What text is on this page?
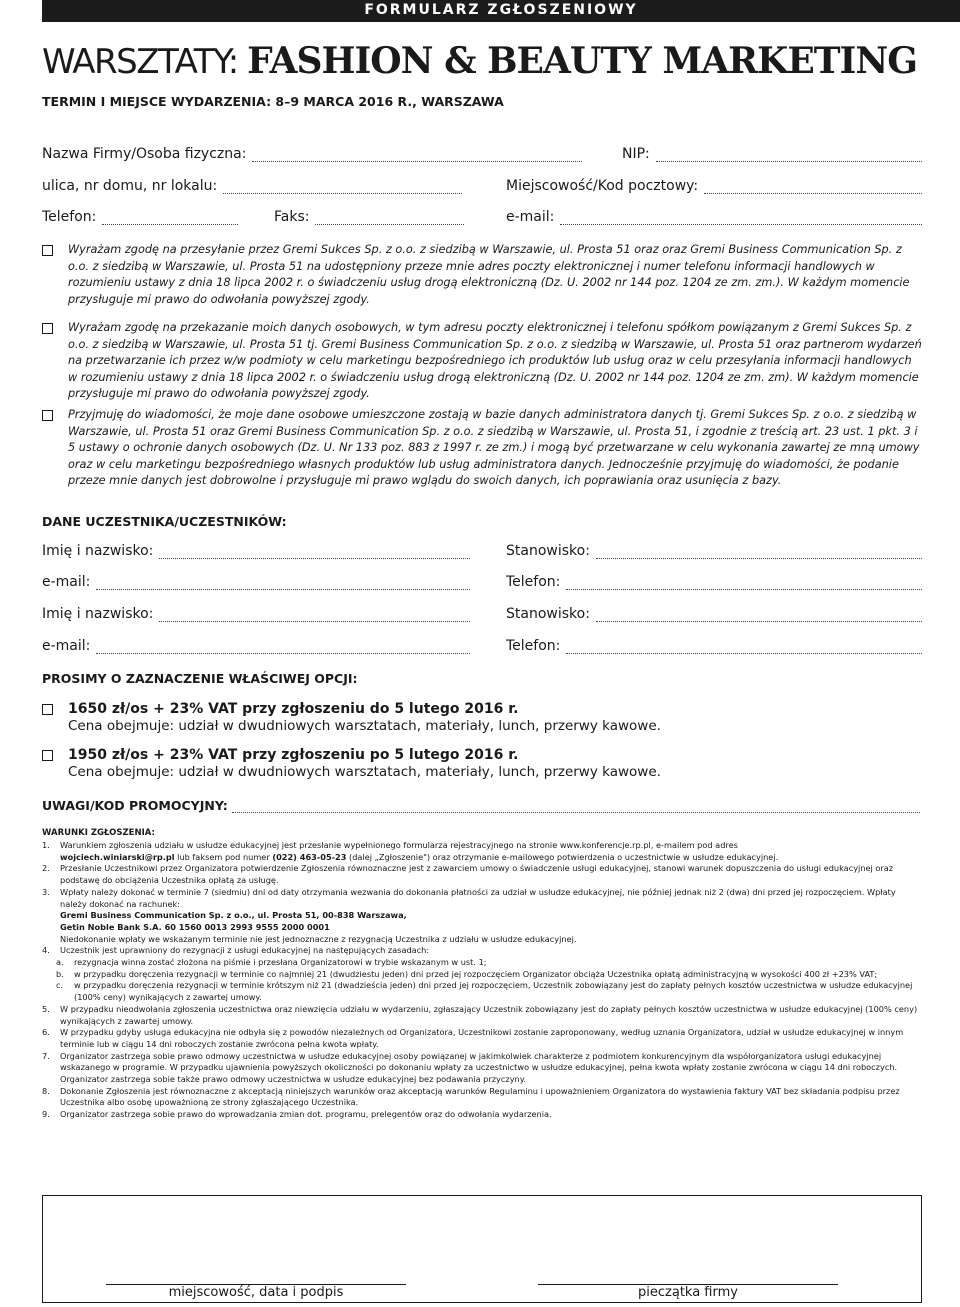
FORMULARZ ZGŁOSZENIOWY
WARSZTATY: FASHION & BEAUTY MARKETING
TERMIN I MIEJSCE WYDARZENIA: 8–9 MARCA 2016 R., WARSZAWA
Nazwa Firmy/Osoba fizyczna:	NIP:
ulica, nr domu, nr lokalu:	Miejscowość/Kod pocztowy:
Telefon:	Faks:	e-mail:
Wyrażam zgodę na przesyłanie przez Gremi Sukces Sp. z o.o. z siedzibą w Warszawie, ul. Prosta 51 oraz oraz Gremi Business Communication Sp. z o.o. z siedzibą w Warszawie, ul. Prosta 51 na udostępniony przeze mnie adres poczty elektronicznej i numer telefonu informacji handlowych w rozumieniu ustawy z dnia 18 lipca 2002 r. o świadczeniu usług drogą elektroniczną (Dz. U. 2002 nr 144 poz. 1204 ze zm. zm.). W każdym momencie przysługuje mi prawo do odwołania powyższej zgody.
Wyrażam zgodę na przekazanie moich danych osobowych, w tym adresu poczty elektronicznej i telefonu spółkom powiązanym z Gremi Sukces Sp. z o.o. z siedzibą w Warszawie, ul. Prosta 51 tj. Gremi Business Communication Sp. z o.o. z siedzibą w Warszawie, ul. Prosta 51 oraz partnerom wydarzeń na przetwarzanie ich przez w/w podmioty w celu marketingu bezpośredniego ich produktów lub usług oraz w celu przesyłania informacji handlowych w rozumieniu ustawy z dnia 18 lipca 2002 r. o świadczeniu usług drogą elektroniczną (Dz. U. 2002 nr 144 poz. 1204 ze zm. zm). W każdym momencie przysługuje mi prawo do odwołania powyższej zgody.
Przyjmuję do wiadomości, że moje dane osobowe umieszczone zostają w bazie danych administratora danych tj. Gremi Sukces Sp. z o.o. z siedzibą w Warszawie, ul. Prosta 51 oraz Gremi Business Communication Sp. z o.o. z siedzibą w Warszawie, ul. Prosta 51, i zgodnie z treścią art. 23 ust. 1 pkt. 3 i 5 ustawy o ochronie danych osobowych (Dz. U. Nr 133 poz. 883 z 1997 r. ze zm.) i mogą być przetwarzane w celu wykonania zawartej ze mną umowy oraz w celu marketingu bezpośredniego własnych produktów lub usług administratora danych. Jednocześnie przyjmuję do wiadomości, że podanie przeze mnie danych jest dobrowolne i przysługuje mi prawo wglądu do swoich danych, ich poprawiania oraz usunięcia z bazy.
DANE UCZESTNIKA/UCZESTNIKÓW:
Imię i nazwisko:	Stanowisko:
e-mail:	Telefon:
Imię i nazwisko:	Stanowisko:
e-mail:	Telefon:
PROSIMY O ZAZNACZENIE WŁAŚCIWEJ OPCJI:
1650 zł/os + 23% VAT przy zgłoszeniu do 5 lutego 2016 r.
Cena obejmuje: udział w dwudniowych warsztatach, materiały, lunch, przerwy kawowe.
1950 zł/os + 23% VAT przy zgłoszeniu po 5 lutego 2016 r.
Cena obejmuje: udział w dwudniowych warsztatach, materiały, lunch, przerwy kawowe.
UWAGI/KOD PROMOCYJNY:
WARUNKI ZGŁOSZENIA:
1.	Warunkiem zgłoszenia udziału w usłudze edukacyjnej jest przesłanie wypełnionego formularza rejestracyjnego na stronie www.konferencje.rp.pl, e-mailem pod adres
wojciech.winiarski@rp.pl lub faksem pod numer (022) 463-05-23 (dalej „Zgłoszenie") oraz otrzymanie e-mailowego potwierdzenia o uczestnictwie w usłudze edukacyjnej.
2.	Przesłanie Uczestnikowi przez Organizatora potwierdzenie Zgłoszenia równoznaczne jest z zawarciem umowy o świadczenie usługi edukacyjnej, stanowi warunek dopuszczenia do usługi edukacyjnej oraz podstawę do obciążenia Uczestnika opłatą za usługę.
3.	Wpłaty należy dokonać w terminie 7 (siedmiu) dni od daty otrzymania wezwania do dokonania płatności za udział w usłudze edukacyjnej, nie później jednak niż 2 (dwa) dni przed jej rozpoczęciem. Wpłaty należy dokonać na rachunek:
Gremi Business Communication Sp. z o.o., ul. Prosta 51, 00-838 Warszawa,
Getin Noble Bank S.A. 60 1560 0013 2993 9555 2000 0001
Niedokonanie wpłaty we wskazanym terminie nie jest jednoznaczne z rezygnacją Uczestnika z udziału w usłudze edukacyjnej.
4.	Uczestnik jest uprawniony do rezygnacji z usługi edukacyjnej na następujących zasadach:
a.	rezygnacja winna zostać złożona na piśmie i przesłana Organizatorowi w trybie wskazanym w ust. 1;
b.	w przypadku doręczenia rezygnacji w terminie co najmniej 21 (dwudziestu jeden) dni przed jej rozpoczęciem Organizator obciąża Uczestnika opłatą administracyjną w wysokości 400 zł +23% VAT;
c.	w przypadku doręczenia rezygnacji w terminie krótszym niż 21 (dwadzieścia jeden) dni przed jej rozpoczęciem, Uczestnik zobowiązany jest do zapłaty pełnych kosztów uczestnictwa w usłudze edukacyjnej (100% ceny) wynikających z zawartej umowy.
5.	W przypadku nieodwołania zgłoszenia uczestnictwa oraz niewzięcia udziału w wydarzeniu, zgłaszający Uczestnik zobowiązany jest do zapłaty pełnych kosztów uczestnictwa w usłudze edukacyjnej (100% ceny) wynikających z zawartej umowy.
6.	W przypadku gdyby usługa edukacyjna nie odbyła się z powodów niezależnych od Organizatora, Uczestnikowi zostanie zaproponowany, według uznania Organizatora, udział w usłudze edukacyjnej w innym terminie lub w ciągu 14 dni roboczych zostanie zwrócona pełna kwota wpłaty.
7.	Organizator zastrzega sobie prawo odmowy uczestnictwa w usłudze edukacyjnej osoby powiązanej w jakimkolwiek charakterze z podmiotem konkurencyjnym dla współorganizatora usługi edukacyjnej wskazanego w programie. W przypadku ujawnienia powyższych okoliczności po dokonaniu wpłaty za uczestnictwo w usłudze edukacyjnej, pełna kwota wpłaty zostanie zwrócona w ciągu 14 dni roboczych. Organizator zastrzega sobie także prawo odmowy uczestnictwa w usłudze edukacyjnej bez podawania przyczyny.
8.	Dokonanie Zgłoszenia jest równoznaczne z akceptacją niniejszych warunków oraz akceptacją warunków Regulaminu i upoważnieniem Organizatora do wystawienia faktury VAT bez składania podpisu przez Uczestnika albo osobę upoważnioną ze strony zgłaszającego Uczestnika.
9.	Organizator zastrzega sobie prawo do wprowadzania zmian dot. programu, prelegentów oraz do odwołania wydarzenia.
miejscowość, data i podpis	pieczątka firmy
